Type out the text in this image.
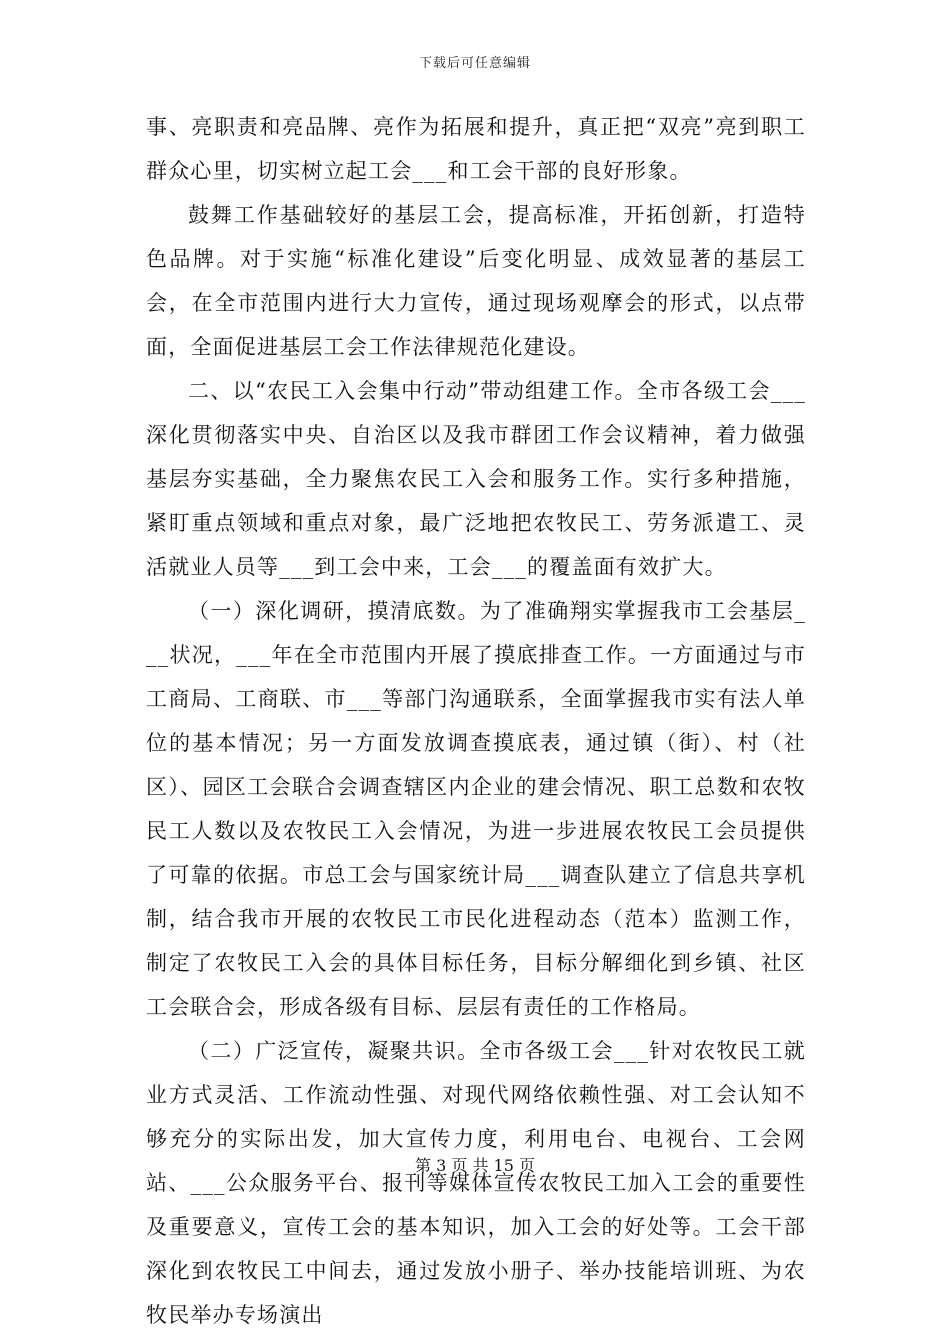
下载后可任意编辑

事、亮职责和亮品牌、亮作为拓展和提升，真正把“双亮”亮到职工群众心里，切实树立起工会___和工会干部的良好形象。

鼓舞工作基础较好的基层工会，提高标准，开拓创新，打造特色品牌。对于实施“标准化建设”后变化明显、成效显著的基层工会，在全市范围内进行大力宣传，通过现场观摩会的形式，以点带面，全面促进基层工会工作法律规范化建设。

二、以“农民工入会集中行动”带动组建工作。全市各级工会___深化贯彻落实中央、自治区以及我市群团工作会议精神，着力做强基层夯实基础，全力聚焦农民工入会和服务工作。实行多种措施，紧盯重点领域和重点对象，最广泛地把农牧民工、劳务派遣工、灵活就业人员等___到工会中来，工会___的覆盖面有效扩大。

（一）深化调研，摸清底数。为了准确翔实掌握我市工会基层___状况，___年在全市范围内开展了摸底排查工作。一方面通过与市工商局、工商联、市___等部门沟通联系，全面掌握我市实有法人单位的基本情况；另一方面发放调查摸底表，通过镇（街）、村（社区）、园区工会联合会调查辖区内企业的建会情况、职工总数和农牧民工人数以及农牧民工入会情况，为进一步进展农牧民工会员提供了可靠的依据。市总工会与国家统计局___调查队建立了信息共享机制，结合我市开展的农牧民工市民化进程动态（范本）监测工作，制定了农牧民工入会的具体目标任务，目标分解细化到乡镇、社区工会联合会，形成各级有目标、层层有责任的工作格局。

（二）广泛宣传，凝聚共识。全市各级工会___针对农牧民工就业方式灵活、工作流动性强、对现代网络依赖性强、对工会认知不够充分的实际出发，加大宣传力度，利用电台、电视台、工会网站、___公众服务平台、报刊等媒体宣传农牧民工加入工会的重要性及重要意义，宣传工会的基本知识，加入工会的好处等。工会干部深化到农牧民工中间去，通过发放小册子、举办技能培训班、为农牧民举办专场演出

第 3 页 共 15 页
